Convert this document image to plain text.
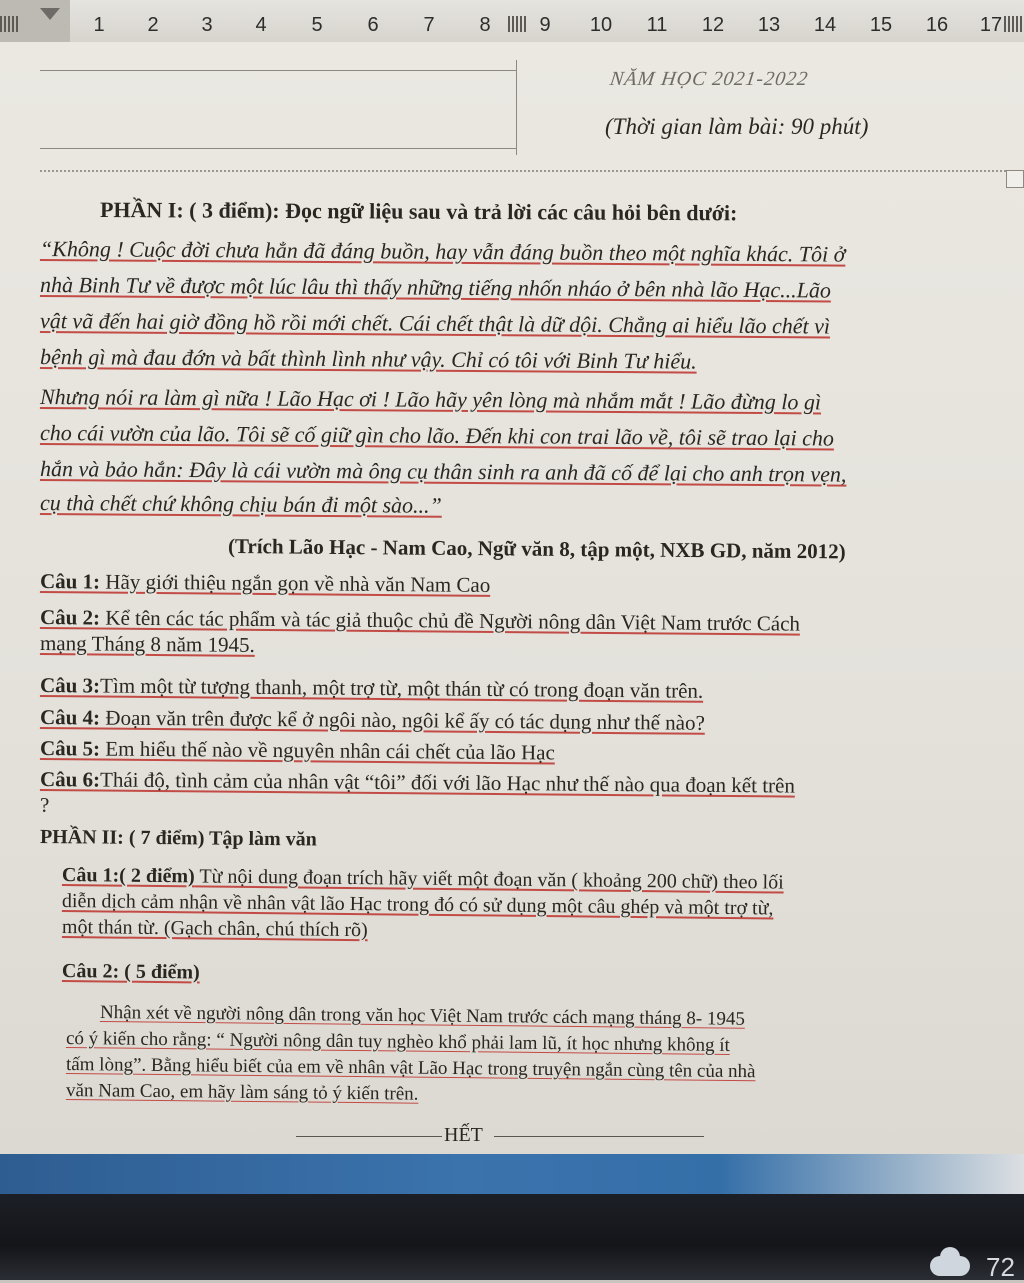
1	2	3	4	5	6	7	8	9	10 11 12 13 14 15 16 17
NĂM HỌC 2021-2022
(Thời gian làm bài: 90 phút)
PHẦN I: ( 3 điểm): Đọc ngữ liệu sau và trả lời các câu hỏi bên dưới:
“Không ! Cuộc đời chưa hẳn đã đáng buồn, hay vẫn đáng buồn theo một nghĩa khác. Tôi ở
nhà Binh Tư về được một lúc lâu thì thấy những tiếng nhốn nháo ở bên nhà lão Hạc...Lão
vật vã đến hai giờ đồng hồ rồi mới chết. Cái chết thật là dữ dội. Chẳng ai hiểu lão chết vì
bệnh gì mà đau đớn và bất thình lình như vậy. Chỉ có tôi với Binh Tư hiểu.
Nhưng nói ra làm gì nữa ! Lão Hạc ơi ! Lão hãy yên lòng mà nhắm mắt ! Lão đừng lo gì
cho cái vườn của lão. Tôi sẽ cố giữ gìn cho lão. Đến khi con trai lão về, tôi sẽ trao lại cho
hắn và bảo hắn: Đây là cái vườn mà ông cụ thân sinh ra anh đã cố để lại cho anh trọn vẹn,
cụ thà chết chứ không chịu bán đi một sào...”
(Trích Lão Hạc - Nam Cao, Ngữ văn 8, tập một, NXB GD, năm 2012)
Câu 1: Hãy giới thiệu ngắn gọn về nhà văn Nam Cao
Câu 2: Kể tên các tác phẩm và tác giả thuộc chủ đề Người nông dân Việt Nam trước Cách
mạng Tháng 8 năm 1945.
Câu 3:Tìm một từ tượng thanh, một trợ từ, một thán từ có trong đoạn văn trên.
Câu 4: Đoạn văn trên được kể ở ngôi nào, ngôi kể ấy có tác dụng như thế nào?
Câu 5: Em hiểu thế nào về nguyên nhân cái chết của lão Hạc
Câu 6:Thái độ, tình cảm của nhân vật “tôi” đối với lão Hạc như thế nào qua đoạn kết trên
?
PHẦN II: ( 7 điểm) Tập làm văn
Câu 1:( 2 điểm) Từ nội dung đoạn trích hãy viết một đoạn văn ( khoảng 200 chữ) theo lối
diễn dịch cảm nhận về nhân vật lão Hạc trong đó có sử dụng một câu ghép và một trợ từ,
một thán từ. (Gạch chân, chú thích rõ)
Câu 2: ( 5 điểm)
Nhận xét về người nông dân trong văn học Việt Nam trước cách mạng tháng 8- 1945
có ý kiến cho rằng: “ Người nông dân tuy nghèo khổ phải lam lũ, ít học nhưng không ít
tấm lòng”. Bằng hiểu biết của em về nhân vật Lão Hạc trong truyện ngắn cùng tên của nhà
văn Nam Cao, em hãy làm sáng tỏ ý kiến trên.
HẾT
72
